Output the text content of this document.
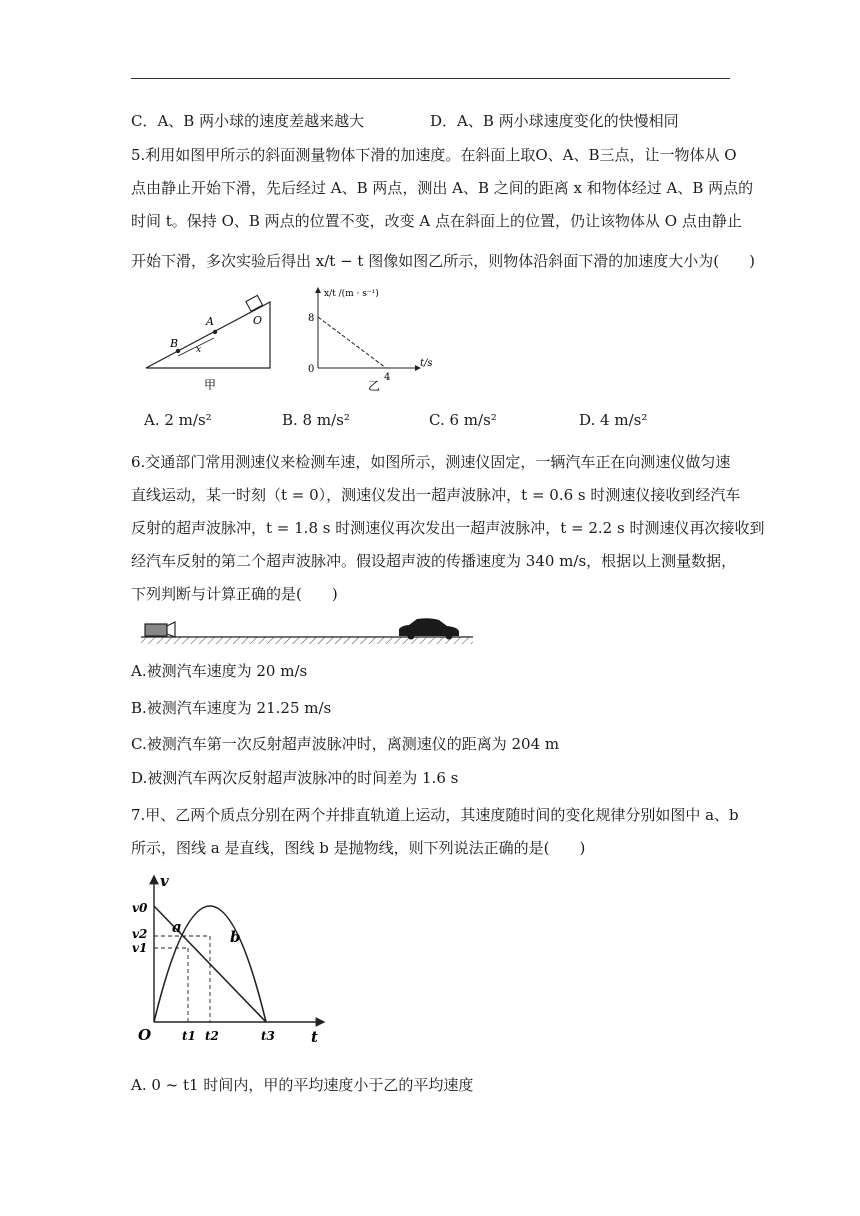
C．A、B 两小球的速度差越来越大	D．A、B 两小球速度变化的快慢相同
5.利用如图甲所示的斜面测量物体下滑的加速度。在斜面上取O、A、B三点，让一物体从 O
点由静止开始下滑，先后经过 A、B 两点，测出 A、B 之间的距离 x 和物体经过 A、B 两点的
时间 t。保持 O、B 两点的位置不变，改变 A 点在斜面上的位置，仍让该物体从 O 点由静止
开始下滑，多次实验后得出 x/t − t 图像如图乙所示，则物体沿斜面下滑的加速度大小为(　　)
O
A
B x
甲
x/t /(m · s⁻¹)
t/s
0
8
4
乙
A. 2 m/s²	B. 8 m/s²	C. 6 m/s²	D. 4 m/s²
6.交通部门常用测速仪来检测车速，如图所示，测速仪固定，一辆汽车正在向测速仪做匀速
直线运动，某一时刻（t = 0），测速仪发出一超声波脉冲，t = 0.6 s 时测速仪接收到经汽车
反射的超声波脉冲，t = 1.8 s 时测速仪再次发出一超声波脉冲，t = 2.2 s 时测速仪再次接收到
经汽车反射的第二个超声波脉冲。假设超声波的传播速度为 340 m/s，根据以上测量数据，
下列判断与计算正确的是(　　)
A.被测汽车速度为 20 m/s
B.被测汽车速度为 21.25 m/s
C.被测汽车第一次反射超声波脉冲时，离测速仪的距离为 204 m
D.被测汽车两次反射超声波脉冲的时间差为 1.6 s
7.甲、乙两个质点分别在两个并排直轨道上运动，其速度随时间的变化规律分别如图中 a、b
所示，图线 a 是直线，图线 b 是抛物线，则下列说法正确的是(　　)
v
t
O
v0
v2
v1
t1 t2	t3
a
b
A. 0 ~ t1 时间内，甲的平均速度小于乙的平均速度
